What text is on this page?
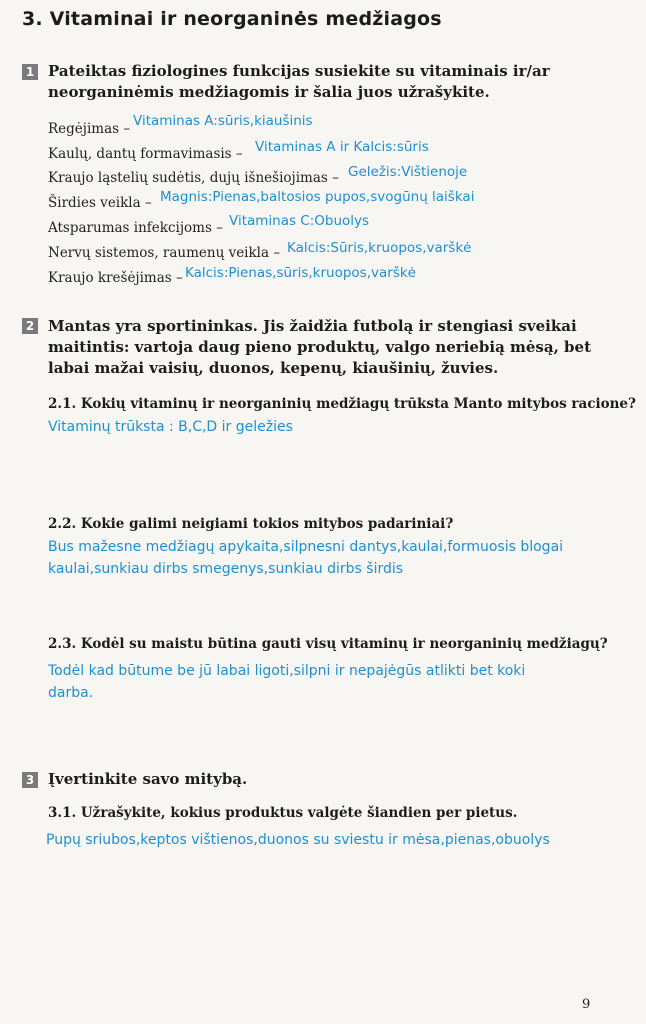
3. Vitaminai ir neorganinės medžiagos
1 Pateiktas fiziologines funkcijas susiekite su vitaminais ir/ar neorganinėmis medžiagomis ir šalia juos užrašykite.
Regėjimas – Vitaminas A:sūris,kiaušinis
Kaulų, dantų formavimasis – Vitaminas A ir Kalcis:sūris
Kraujo ląstelių sudėtis, dujų išnešiojimas – Geležis:Vištienoje
Širdies veikla – Magnis:Pienas,baltosios pupos,svogūnų laiškai
Atsparumas infekcijoms – Vitaminas C:Obuolys
Nervų sistemos, raumenų veikla – Kalcis:Sūris,kruopos,varškė
Kraujo krešėjimas – Kalcis:Pienas,sūris,kruopos,varškė
2 Mantas yra sportininkas. Jis žaidžia futbolą ir stengiasi sveikai maitintis: vartoja daug pieno produktų, valgo neriebią mėsą, bet labai mažai vaisių, duonos, kepenų, kiaušinių, žuvies.
2.1. Kokių vitaminų ir neorganinių medžiagų trūksta Manto mitybos racione?
Vitaminų trūksta : B,C,D ir geležies
2.2. Kokie galimi neigiami tokios mitybos padariniai?
Bus mažesne medžiagų apykaita,silpnesni dantys,kaulai,formuosis blogai
kaulai,sunkiau dirbs smegenys,sunkiau dirbs širdis
2.3. Kodėl su maistu būtina gauti visų vitaminų ir neorganinių medžiagų?
Todėl kad būtume be jū labai ligoti,silpni ir nepajėgūs atlikti bet koki
darba.
3 Įvertinkite savo mitybą.
3.1. Užrašykite, kokius produktus valgėte šiandien per pietus.
Pupų sriubos,keptos vištienos,duonos su sviestu ir mėsa,pienas,obuolys
9
